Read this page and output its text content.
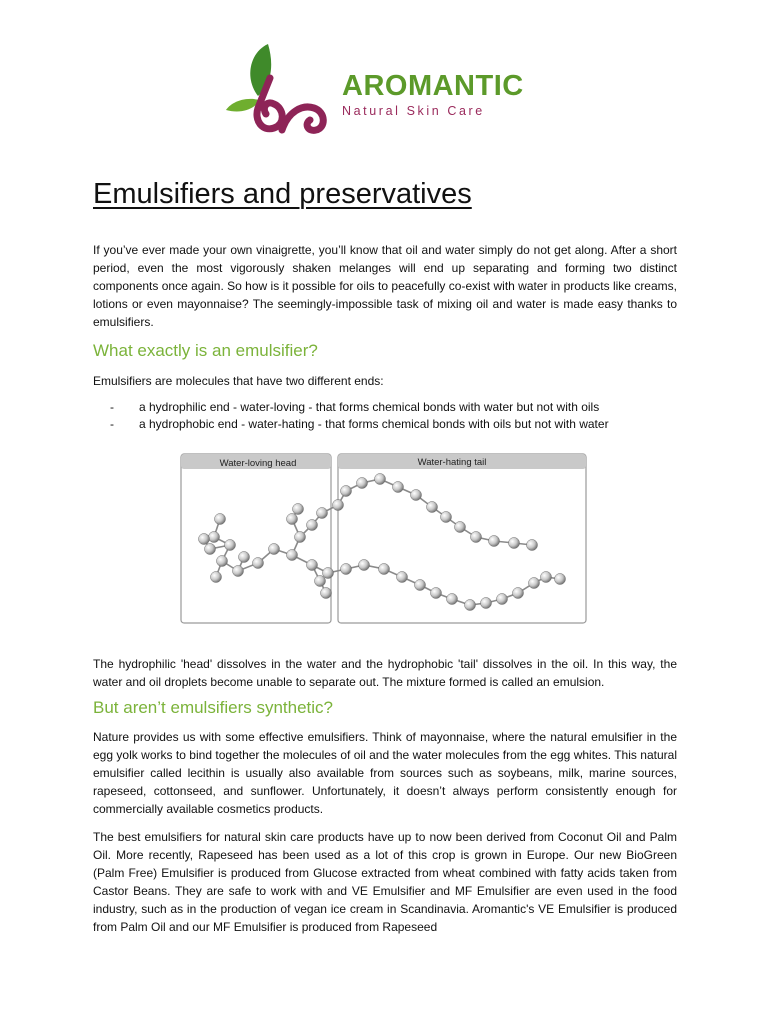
AROMANTIC
Natural Skin Care
Emulsifiers and preservatives

If you’ve ever made your own vinaigrette, you’ll know that oil and water simply do not get along. After a short period, even the most vigorously shaken melanges will end up separating and forming two distinct components once again. So how is it possible for oils to peacefully co-exist with water in products like creams, lotions or even mayonnaise? The seemingly-impossible task of mixing oil and water is made easy thanks to emulsifiers.

What exactly is an emulsifier?

Emulsifiers are molecules that have two different ends:

-	a hydrophilic end - water-loving - that forms chemical bonds with water but not with oils
-	a hydrophobic end - water-hating - that forms chemical bonds with oils but not with water
Water-loving head	Water-hating tail

The hydrophilic 'head' dissolves in the water and the hydrophobic 'tail' dissolves in the oil. In this way, the water and oil droplets become unable to separate out. The mixture formed is called an emulsion.

But aren’t emulsifiers synthetic?

Nature provides us with some effective emulsifiers. Think of mayonnaise, where the natural emulsifier in the egg yolk works to bind together the molecules of oil and the water molecules from the egg whites. This natural emulsifier called lecithin is usually also available from sources such as soybeans, milk, marine sources, rapeseed, cottonseed, and sunflower. Unfortunately, it doesn’t always perform consistently enough for commercially available cosmetics products.

The best emulsifiers for natural skin care products have up to now been derived from Coconut Oil and Palm Oil. More recently, Rapeseed has been used as a lot of this crop is grown in Europe. Our new BioGreen (Palm Free) Emulsifier is produced from Glucose extracted from wheat combined with fatty acids taken from Castor Beans. They are safe to work with and VE Emulsifier and MF Emulsifier are even used in the food industry, such as in the production of vegan ice cream in Scandinavia. Aromantic's VE Emulsifier is produced from Palm Oil and our MF Emulsifier is produced from Rapeseed
